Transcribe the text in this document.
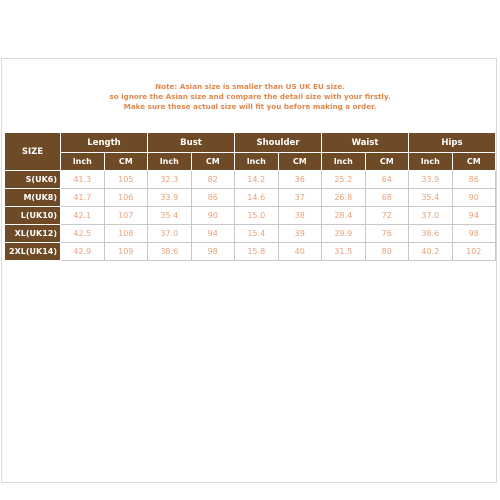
Note: Asian size is smaller than US UK EU size.
so ignore the Asian size and compare the detail size with your firstly.
Make sure these actual size will fit you before making a order.
SIZE	Length		Bust		Shoulder		Waist		Hips	
	Inch	CM	Inch	CM	Inch	CM	Inch	CM	Inch	CM
S(UK6)	41.3	105	32.3	82	14.2	36	25.2	64	33.9	86
M(UK8)	41.7	106	33.9	86	14.6	37	26.8	68	35.4	90
L(UK10)	42.1	107	35.4	90	15.0	38	28.4	72	37.0	94
XL(UK12)	42.5	108	37.0	94	15.4	39	29.9	76	38.6	98
2XL(UK14)	42.9	109	38.6	98	15.8	40	31.5	80	40.2	102
